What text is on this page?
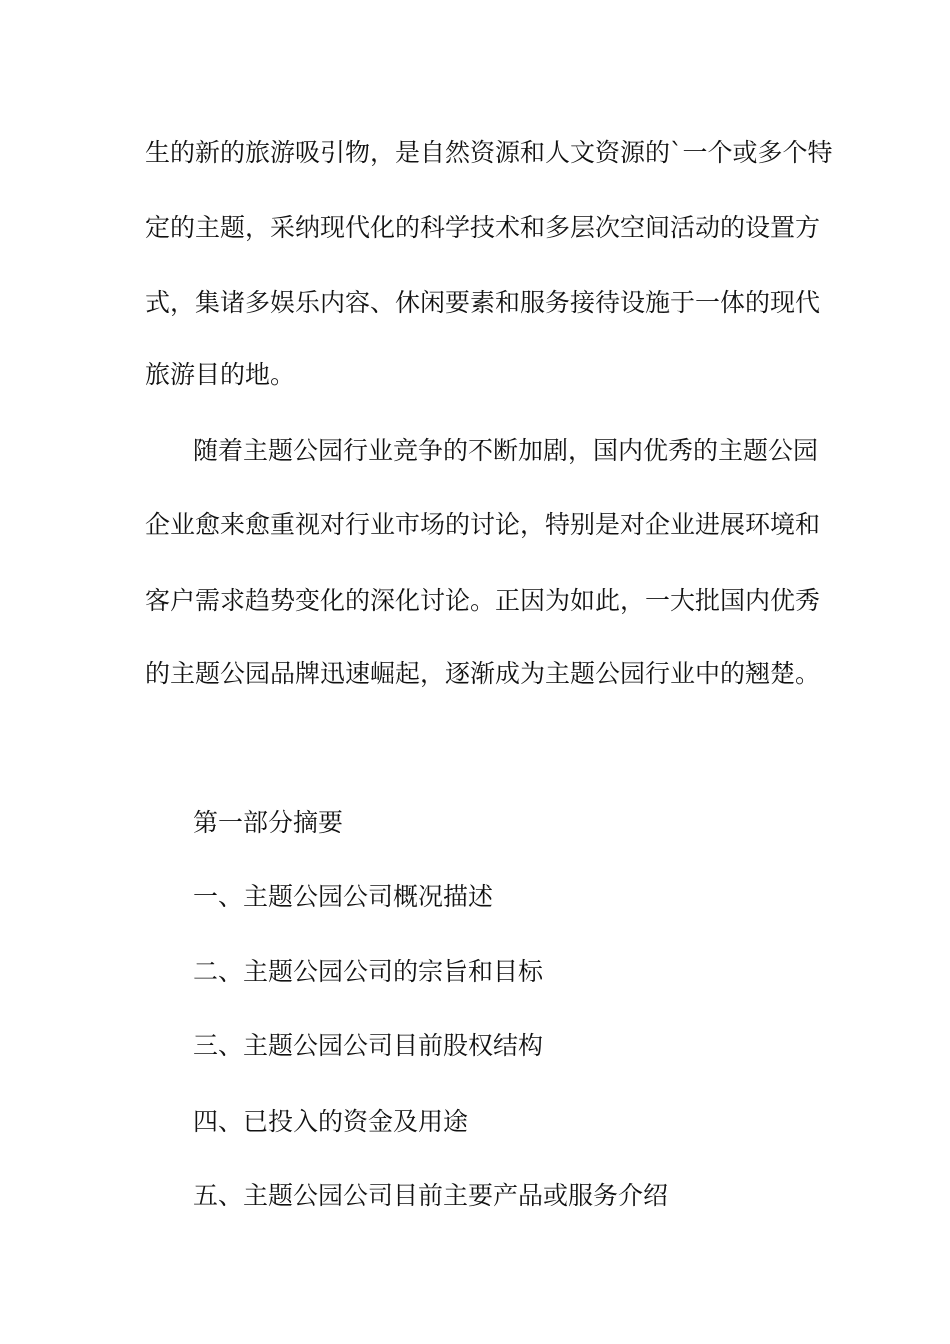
生的新的旅游吸引物，是自然资源和人文资源的`一个或多个特
定的主题，采纳现代化的科学技术和多层次空间活动的设置方
式，集诸多娱乐内容、休闲要素和服务接待设施于一体的现代
旅游目的地。
随着主题公园行业竞争的不断加剧，国内优秀的主题公园
企业愈来愈重视对行业市场的讨论，特别是对企业进展环境和
客户需求趋势变化的深化讨论。正因为如此，一大批国内优秀
的主题公园品牌迅速崛起，逐渐成为主题公园行业中的翘楚。
第一部分摘要
一、主题公园公司概况描述
二、主题公园公司的宗旨和目标
三、主题公园公司目前股权结构
四、已投入的资金及用途
五、主题公园公司目前主要产品或服务介绍
